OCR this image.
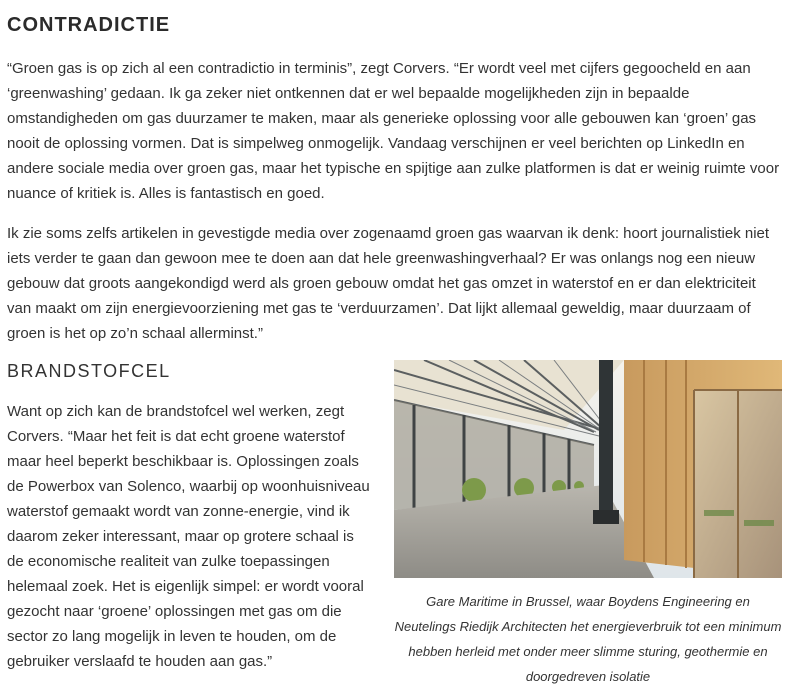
CONTRADICTIE

“Groen gas is op zich al een contradictio in terminis”, zegt Corvers. “Er wordt veel met cijfers gegoocheld en aan ‘greenwashing’ gedaan. Ik ga zeker niet ontkennen dat er wel bepaalde mogelijkheden zijn in bepaalde omstandigheden om gas duurzamer te maken, maar als generieke oplossing voor alle gebouwen kan ‘groen’ gas nooit de oplossing vormen. Dat is simpelweg onmogelijk. Vandaag verschijnen er veel berichten op LinkedIn en andere sociale media over groen gas, maar het typische en spijtige aan zulke platformen is dat er weinig ruimte voor nuance of kritiek is. Alles is fantastisch en goed.

Ik zie soms zelfs artikelen in gevestigde media over zogenaamd groen gas waarvan ik denk: hoort journalistiek niet iets verder te gaan dan gewoon mee te doen aan dat hele greenwashingverhaal? Er was onlangs nog een nieuw gebouw dat groots aangekondigd werd als groen gebouw omdat het gas omzet in waterstof en er dan elektriciteit van maakt om zijn energievoorziening met gas te ‘verduurzamen’. Dat lijkt allemaal geweldig, maar duurzaam of groen is het op zo’n schaal allerminst.”

BRANDSTOFCEL

Want op zich kan de brandstofcel wel werken, zegt Corvers. “Maar het feit is dat echt groene waterstof maar heel beperkt beschikbaar is. Oplossingen zoals de Powerbox van Solenco, waarbij op woonhuisniveau waterstof gemaakt wordt van zonne-energie, vind ik daarom zeker interessant, maar op grotere schaal is de economische realiteit van zulke toepassingen helemaal zoek. Het is eigenlijk simpel: er wordt vooral gezocht naar ‘groene’ oplossingen met gas om die sector zo lang mogelijk in leven te houden, om de gebruiker verslaafd te houden aan gas.”

Gare Maritime in Brussel, waar Boydens Engineering en Neutelings Riedijk Architecten het energieverbruik tot een minimum hebben herleid met onder meer slimme sturing, geothermie en doorgedreven isolatie
